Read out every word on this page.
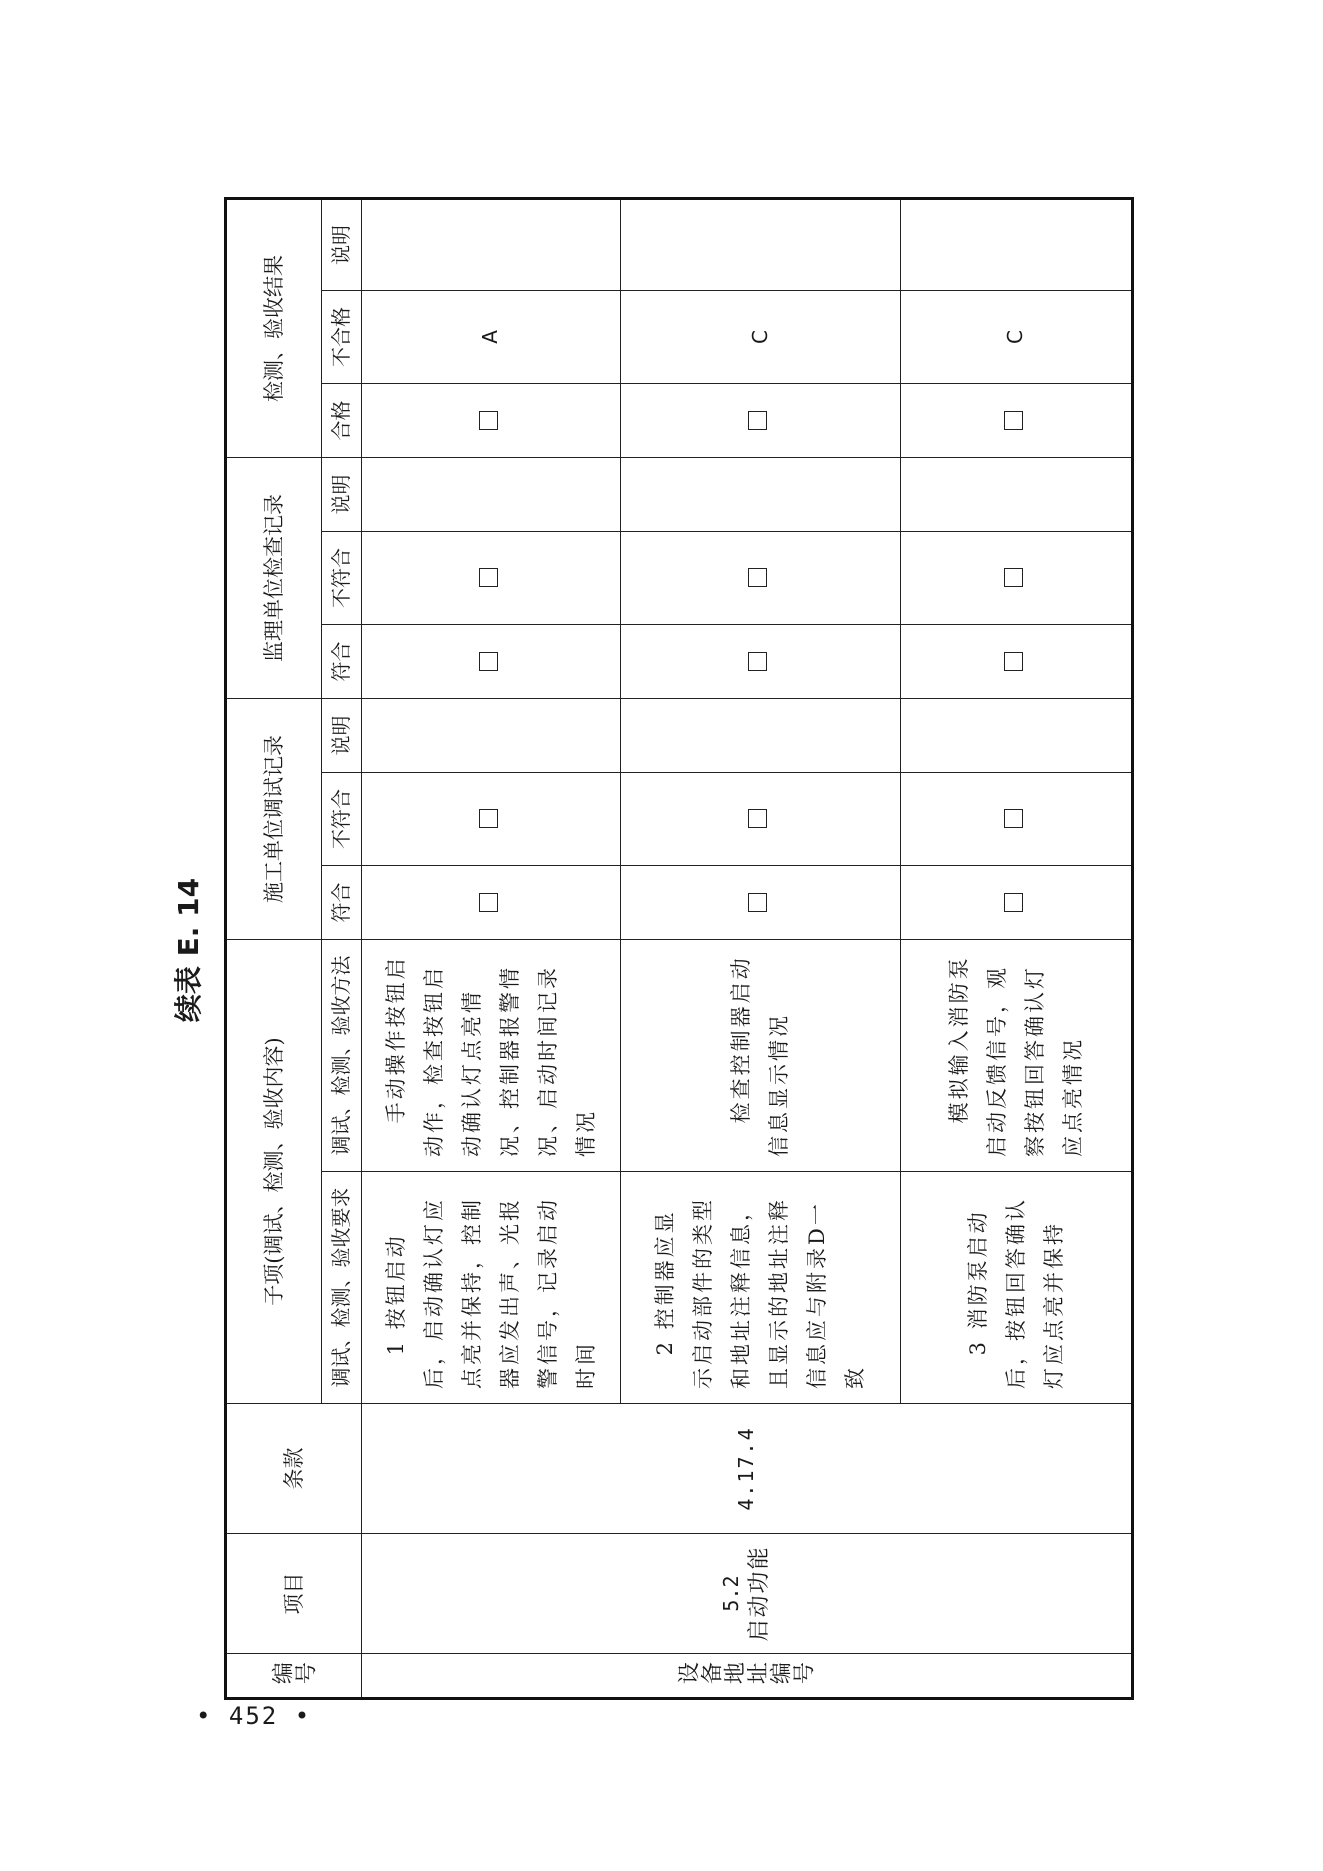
• 452 •
续表 E. 14
编号	项目	条款	子项(调试、检测、验收内容)		施工单位调试记录			监理单位检查记录			检测、验收结果		
			调试、检测、验收要求	调试、检测、验收方法	符合	不符合	说明	符合	不符合	说明	合格	不合格	说明

设备地址编号	5.2 启动功能	4.17.4	1 按钮启动后，启动确认灯应点亮并保持，控制器应发出声、光报警信号，记录启动时间	手动操作按钮启动作，检查按钮启动确认灯点亮情况、控制器报警情况、启动时间记录情况								A	
			2 控制器应显示启动部件的类型和地址注释信息，且显示的地址注释信息应与附录D一致	检查控制器启动信息显示情况								C	
			3 消防泵启动后，按钮回答确认灯应点亮并保持	模拟输入消防泵启动反馈信号，观察按钮回答确认灯应点亮情况								C	
